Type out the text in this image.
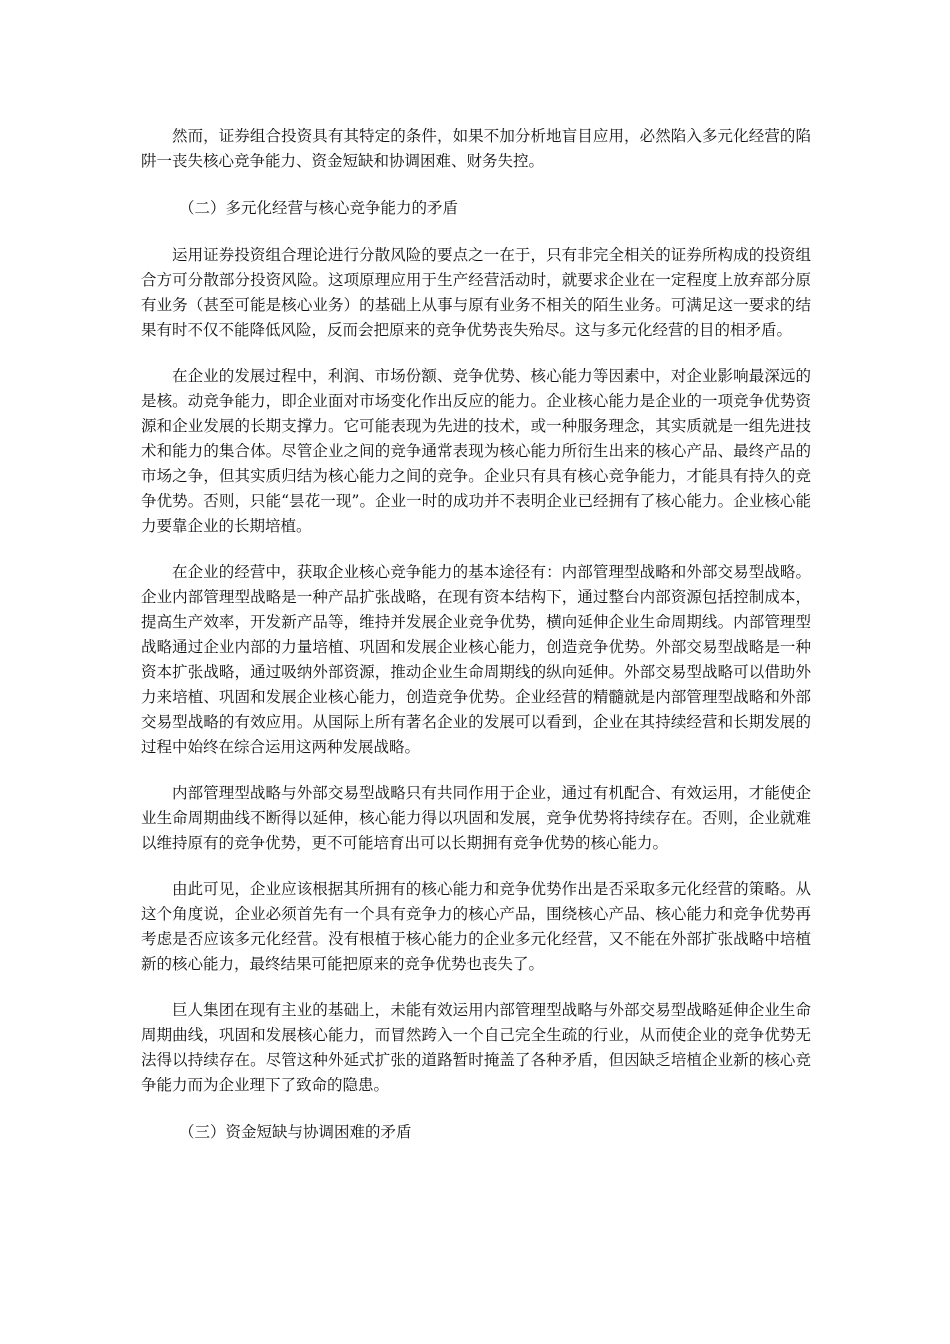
然而，证券组合投资具有其特定的条件，如果不加分析地盲目应用，必然陷入多元化经营的陷阱一丧失核心竞争能力、资金短缺和协调困难、财务失控。

（二）多元化经营与核心竞争能力的矛盾

运用证券投资组合理论进行分散风险的要点之一在于，只有非完全相关的证券所构成的投资组合方可分散部分投资风险。这项原理应用于生产经营活动时，就要求企业在一定程度上放弃部分原有业务（甚至可能是核心业务）的基础上从事与原有业务不相关的陌生业务。可满足这一要求的结果有时不仅不能降低风险，反而会把原来的竞争优势丧失殆尽。这与多元化经营的目的相矛盾。

在企业的发展过程中，利润、市场份额、竞争优势、核心能力等因素中，对企业影响最深远的是核。动竞争能力，即企业面对市场变化作出反应的能力。企业核心能力是企业的一项竞争优势资源和企业发展的长期支撑力。它可能表现为先进的技术，或一种服务理念，其实质就是一组先进技术和能力的集合体。尽管企业之间的竞争通常表现为核心能力所衍生出来的核心产品、最终产品的市场之争，但其实质归结为核心能力之间的竞争。企业只有具有核心竞争能力，才能具有持久的竞争优势。否则，只能“昙花一现”。企业一时的成功并不表明企业已经拥有了核心能力。企业核心能力要靠企业的长期培植。

在企业的经营中，获取企业核心竞争能力的基本途径有：内部管理型战略和外部交易型战略。企业内部管理型战略是一种产品扩张战略，在现有资本结构下，通过整台内部资源包括控制成本，提高生产效率，开发新产品等，维持并发展企业竞争优势，横向延伸企业生命周期线。内部管理型战略通过企业内部的力量培植、巩固和发展企业核心能力，创造竞争优势。外部交易型战略是一种资本扩张战略，通过吸纳外部资源，推动企业生命周期线的纵向延伸。外部交易型战略可以借助外力来培植、巩固和发展企业核心能力，创造竞争优势。企业经营的精髓就是内部管理型战略和外部交易型战略的有效应用。从国际上所有著名企业的发展可以看到，企业在其持续经营和长期发展的过程中始终在综合运用这两种发展战略。

内部管理型战略与外部交易型战略只有共同作用于企业，通过有机配合、有效运用，才能使企业生命周期曲线不断得以延伸，核心能力得以巩固和发展，竞争优势将持续存在。否则，企业就难以维持原有的竞争优势，更不可能培育出可以长期拥有竞争优势的核心能力。

由此可见，企业应该根据其所拥有的核心能力和竞争优势作出是否采取多元化经营的策略。从这个角度说，企业必须首先有一个具有竞争力的核心产品，围绕核心产品、核心能力和竞争优势再考虑是否应该多元化经营。没有根植于核心能力的企业多元化经营，又不能在外部扩张战略中培植新的核心能力，最终结果可能把原来的竞争优势也丧失了。

巨人集团在现有主业的基础上，未能有效运用内部管理型战略与外部交易型战略延伸企业生命周期曲线，巩固和发展核心能力，而冒然跨入一个自己完全生疏的行业，从而使企业的竞争优势无法得以持续存在。尽管这种外延式扩张的道路暂时掩盖了各种矛盾，但因缺乏培植企业新的核心竞争能力而为企业理下了致命的隐患。

（三）资金短缺与协调困难的矛盾
